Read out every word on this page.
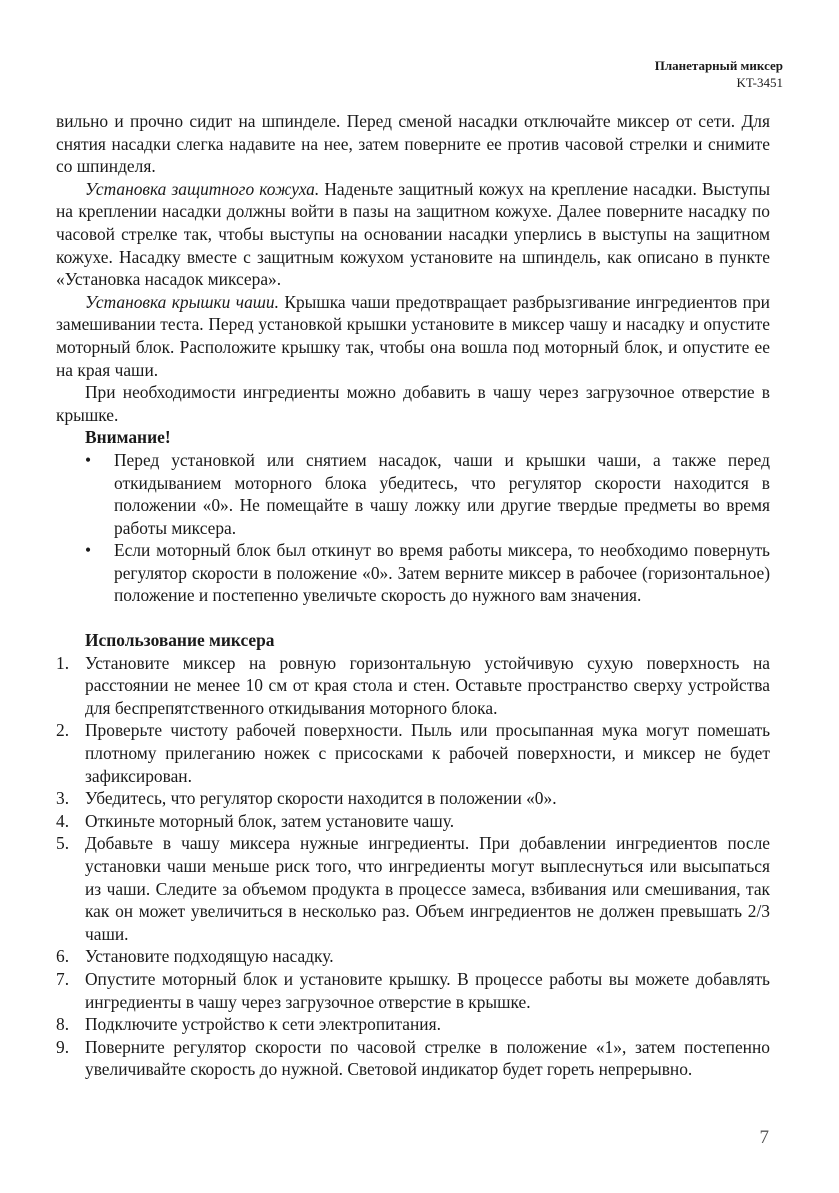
Планетарный миксер
KT-3451

вильно и прочно сидит на шпинделе. Перед сменой насадки отключайте миксер от сети. Для снятия насадки слегка надавите на нее, затем поверните ее против часовой стрелки и снимите со шпинделя.

Установка защитного кожуха. Наденьте защитный кожух на крепление насадки. Выступы на креплении насадки должны войти в пазы на защитном кожухе. Далее поверните насадку по часовой стрелке так, чтобы выступы на основании насадки уперлись в выступы на защитном кожухе. Насадку вместе с защитным кожухом установите на шпиндель, как описано в пункте «Установка насадок миксера».

Установка крышки чаши. Крышка чаши предотвращает разбрызгивание ингредиентов при замешивании теста. Перед установкой крышки установите в миксер чашу и насадку и опустите моторный блок. Расположите крышку так, чтобы она вошла под моторный блок, и опустите ее на края чаши.

При необходимости ингредиенты можно добавить в чашу через загрузочное отверстие в крышке.

Внимание!

• Перед установкой или снятием насадок, чаши и крышки чаши, а также перед откидыванием моторного блока убедитесь, что регулятор скорости находится в положении «0». Не помещайте в чашу ложку или другие твердые предметы во время работы миксера.
• Если моторный блок был откинут во время работы миксера, то необходимо повернуть регулятор скорости в положение «0». Затем верните миксер в рабочее (горизонтальное) положение и постепенно увеличьте скорость до нужного вам значения.

Использование миксера

1. Установите миксер на ровную горизонтальную устойчивую сухую поверхность на расстоянии не менее 10 см от края стола и стен. Оставьте пространство сверху устройства для беспрепятственного откидывания моторного блока.
2. Проверьте чистоту рабочей поверхности. Пыль или просыпанная мука могут помешать плотному прилеганию ножек с присосками к рабочей поверхности, и миксер не будет зафиксирован.
3. Убедитесь, что регулятор скорости находится в положении «0».
4. Откиньте моторный блок, затем установите чашу.
5. Добавьте в чашу миксера нужные ингредиенты. При добавлении ингредиентов после установки чаши меньше риск того, что ингредиенты могут выплеснуться или высыпаться из чаши. Следите за объемом продукта в процессе замеса, взбивания или смешивания, так как он может увеличиться в несколько раз. Объем ингредиентов не должен превышать 2/3 чаши.
6. Установите подходящую насадку.
7. Опустите моторный блок и установите крышку. В процессе работы вы можете добавлять ингредиенты в чашу через загрузочное отверстие в крышке.
8. Подключите устройство к сети электропитания.
9. Поверните регулятор скорости по часовой стрелке в положение «1», затем постепенно увеличивайте скорость до нужной. Световой индикатор будет гореть непрерывно.
7
